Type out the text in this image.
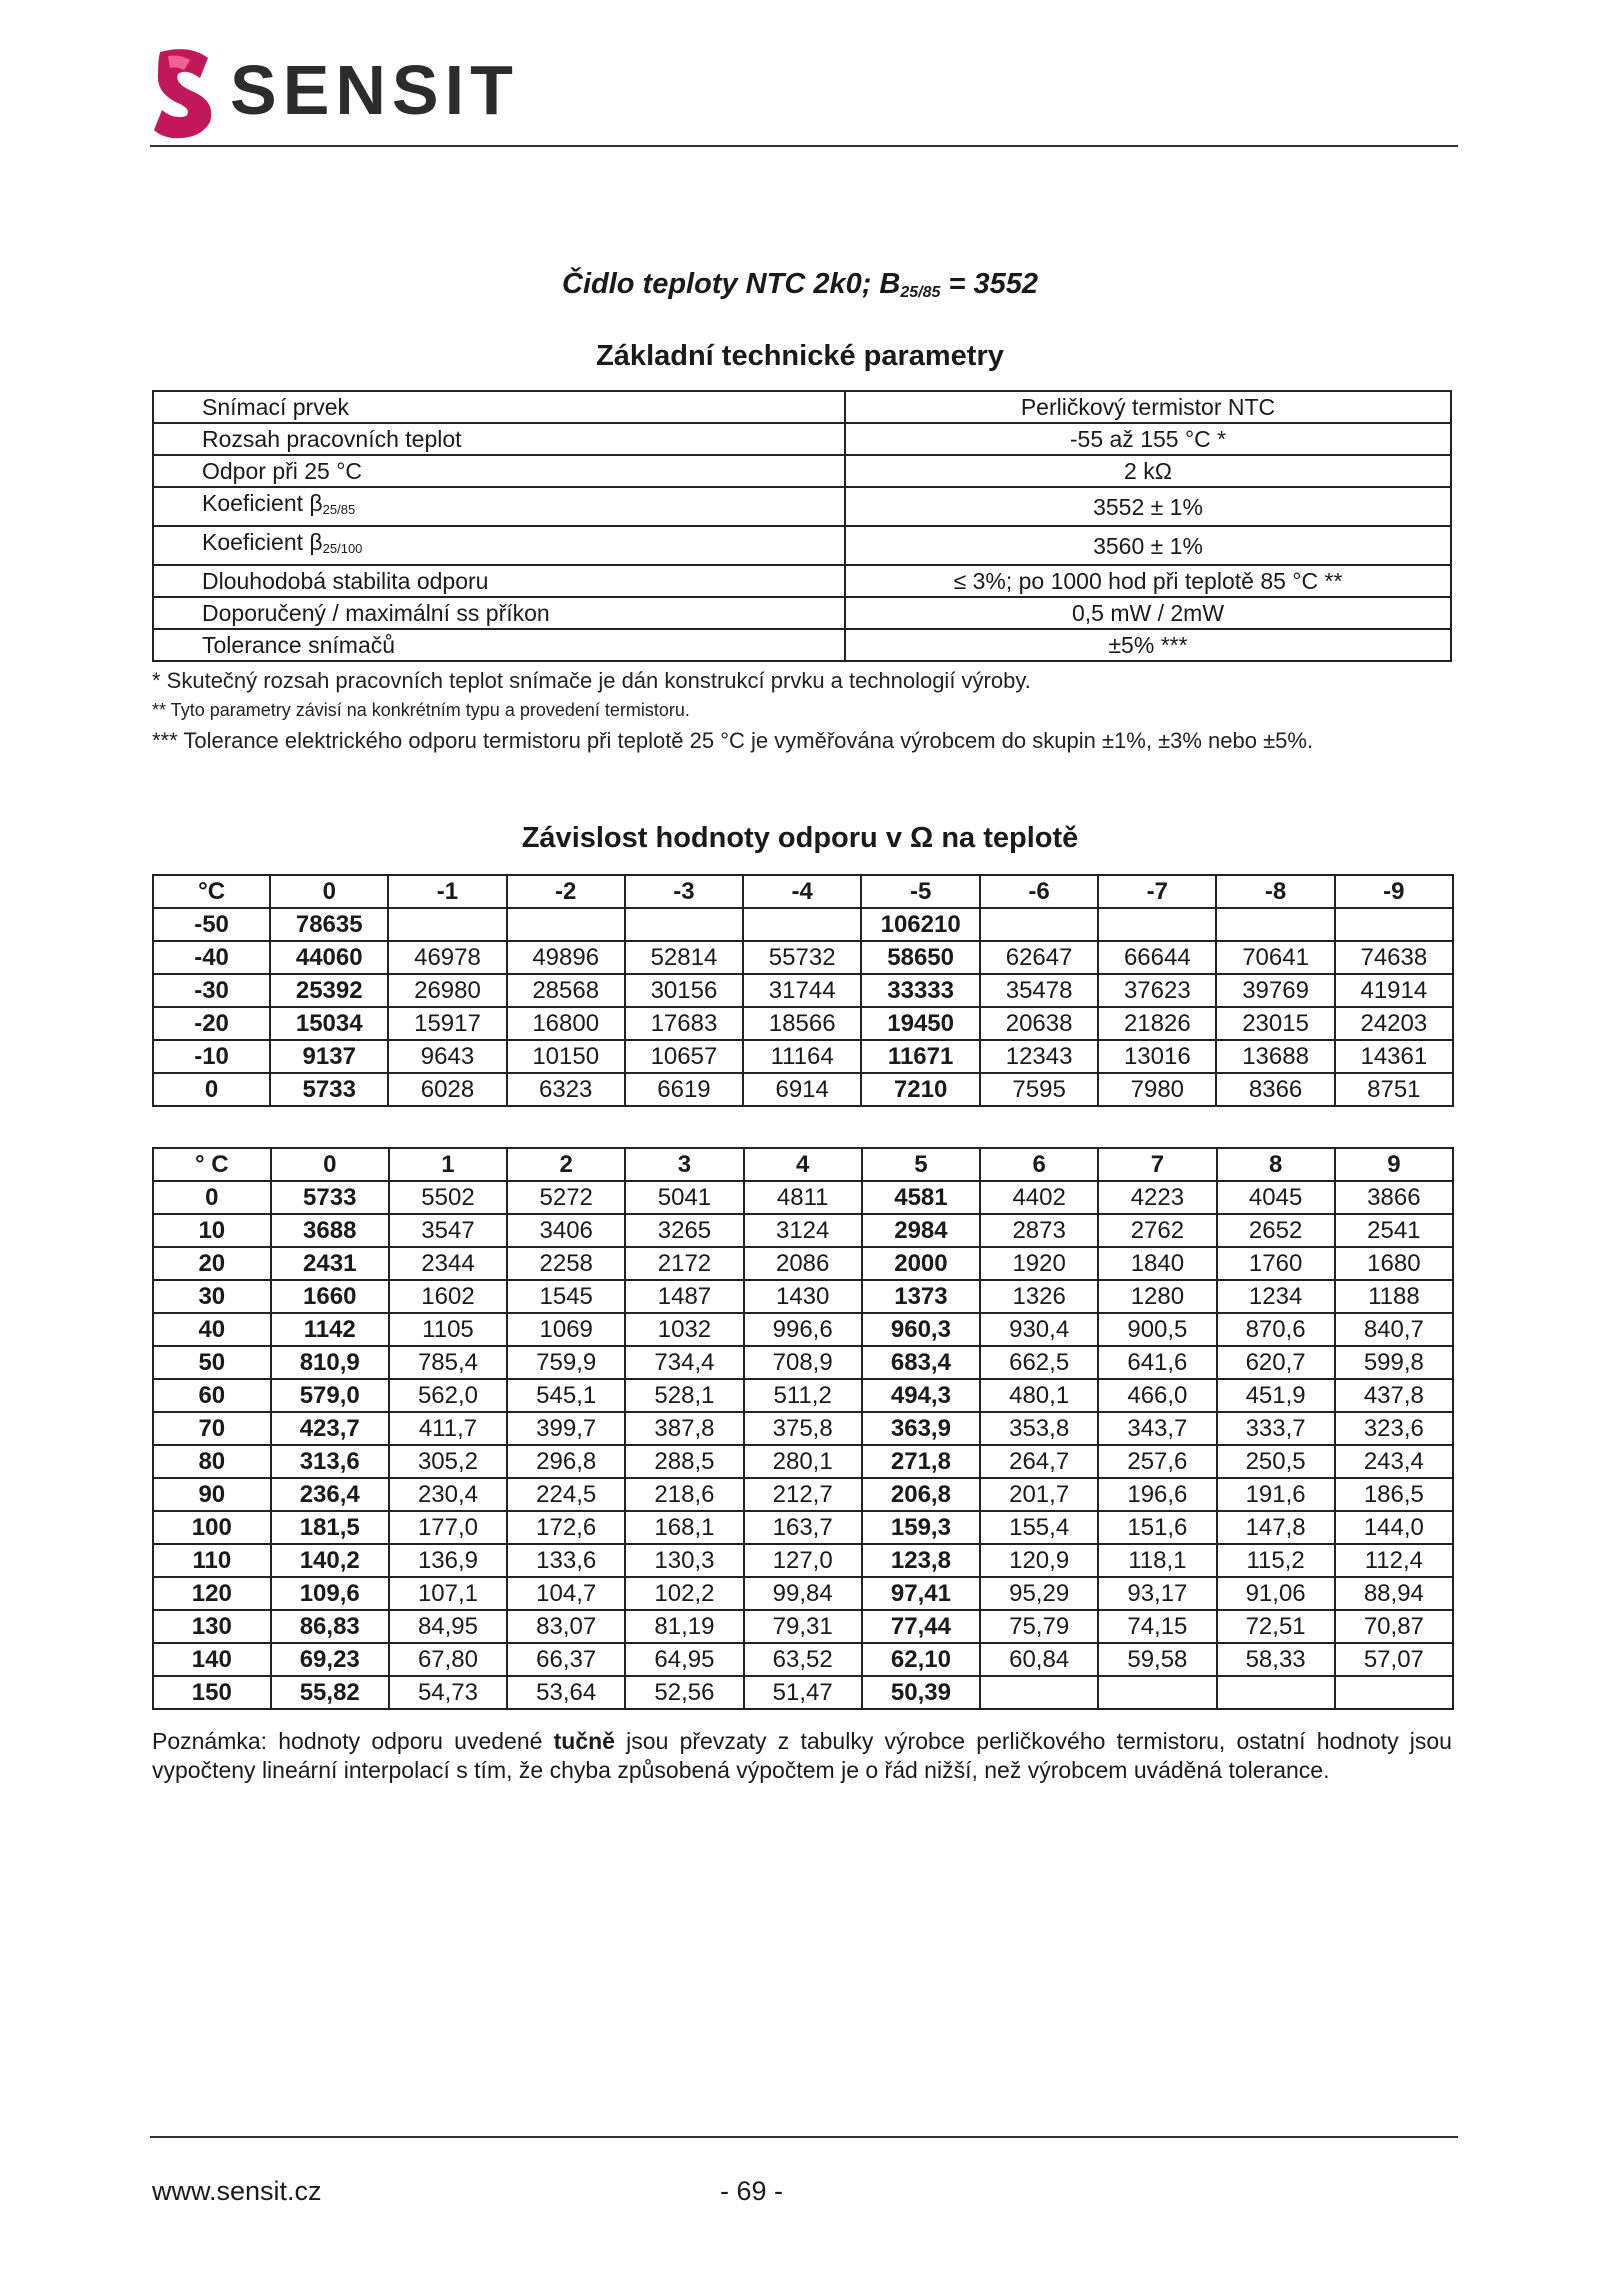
SENSIT
Čidlo teploty NTC 2k0; $B_{25/85} = 3552$
Základní technické parametry
Snímací prvek	Perličkový termistor NTC
Rozsah pracovních teplot	-55 až 155 °C *
Odpor při 25 °C	2 kΩ
Koeficient $\beta_{25/85}$	3552 ± 1%
Koeficient $\beta_{25/100}$	3560 ± 1%
Dlouhodobá stabilita odporu	≤ 3%; po 1000 hod při teplotě 85 °C **
Doporučený / maximální ss příkon	0,5 mW / 2mW
Tolerance snímačů	±5% ***

* Skutečný rozsah pracovních teplot snímače je dán konstrukcí prvku a technologií výroby.

** Tyto parametry závisí na konkrétním typu a provedení termistoru.

*** Tolerance elektrického odporu termistoru při teplotě 25 °C je vyměřována výrobcem do skupin ±1%, ±3% nebo ±5%.

Závislost hodnoty odporu v Ω na teplotě
°C	0	-1	-2	-3	-4	-5	-6	-7	-8	-9
-50	78635					106210				
-40	44060	46978	49896	52814	55732	58650	62647	66644	70641	74638
-30	25392	26980	28568	30156	31744	33333	35478	37623	39769	41914
-20	15034	15917	16800	17683	18566	19450	20638	21826	23015	24203
-10	9137	9643	10150	10657	11164	11671	12343	13016	13688	14361
0	5733	6028	6323	6619	6914	7210	7595	7980	8366	8751
° C	0	1	2	3	4	5	6	7	8	9
0	5733	5502	5272	5041	4811	4581	4402	4223	4045	3866
10	3688	3547	3406	3265	3124	2984	2873	2762	2652	2541
20	2431	2344	2258	2172	2086	2000	1920	1840	1760	1680
30	1660	1602	1545	1487	1430	1373	1326	1280	1234	1188
40	1142	1105	1069	1032	996,6	960,3	930,4	900,5	870,6	840,7
50	810,9	785,4	759,9	734,4	708,9	683,4	662,5	641,6	620,7	599,8
60	579,0	562,0	545,1	528,1	511,2	494,3	480,1	466,0	451,9	437,8
70	423,7	411,7	399,7	387,8	375,8	363,9	353,8	343,7	333,7	323,6
80	313,6	305,2	296,8	288,5	280,1	271,8	264,7	257,6	250,5	243,4
90	236,4	230,4	224,5	218,6	212,7	206,8	201,7	196,6	191,6	186,5
100	181,5	177,0	172,6	168,1	163,7	159,3	155,4	151,6	147,8	144,0
110	140,2	136,9	133,6	130,3	127,0	123,8	120,9	118,1	115,2	112,4
120	109,6	107,1	104,7	102,2	99,84	97,41	95,29	93,17	91,06	88,94
130	86,83	84,95	83,07	81,19	79,31	77,44	75,79	74,15	72,51	70,87
140	69,23	67,80	66,37	64,95	63,52	62,10	60,84	59,58	58,33	57,07
150	55,82	54,73	53,64	52,56	51,47	50,39				

Poznámka: hodnoty odporu uvedené tučně jsou převzaty z tabulky výrobce perličkového termistoru, ostatní hodnoty jsou vypočteny lineární interpolací s tím, že chyba způsobená výpočtem je o řád nižší, než výrobcem uváděná tolerance.

www.sensit.cz	- 69 -
